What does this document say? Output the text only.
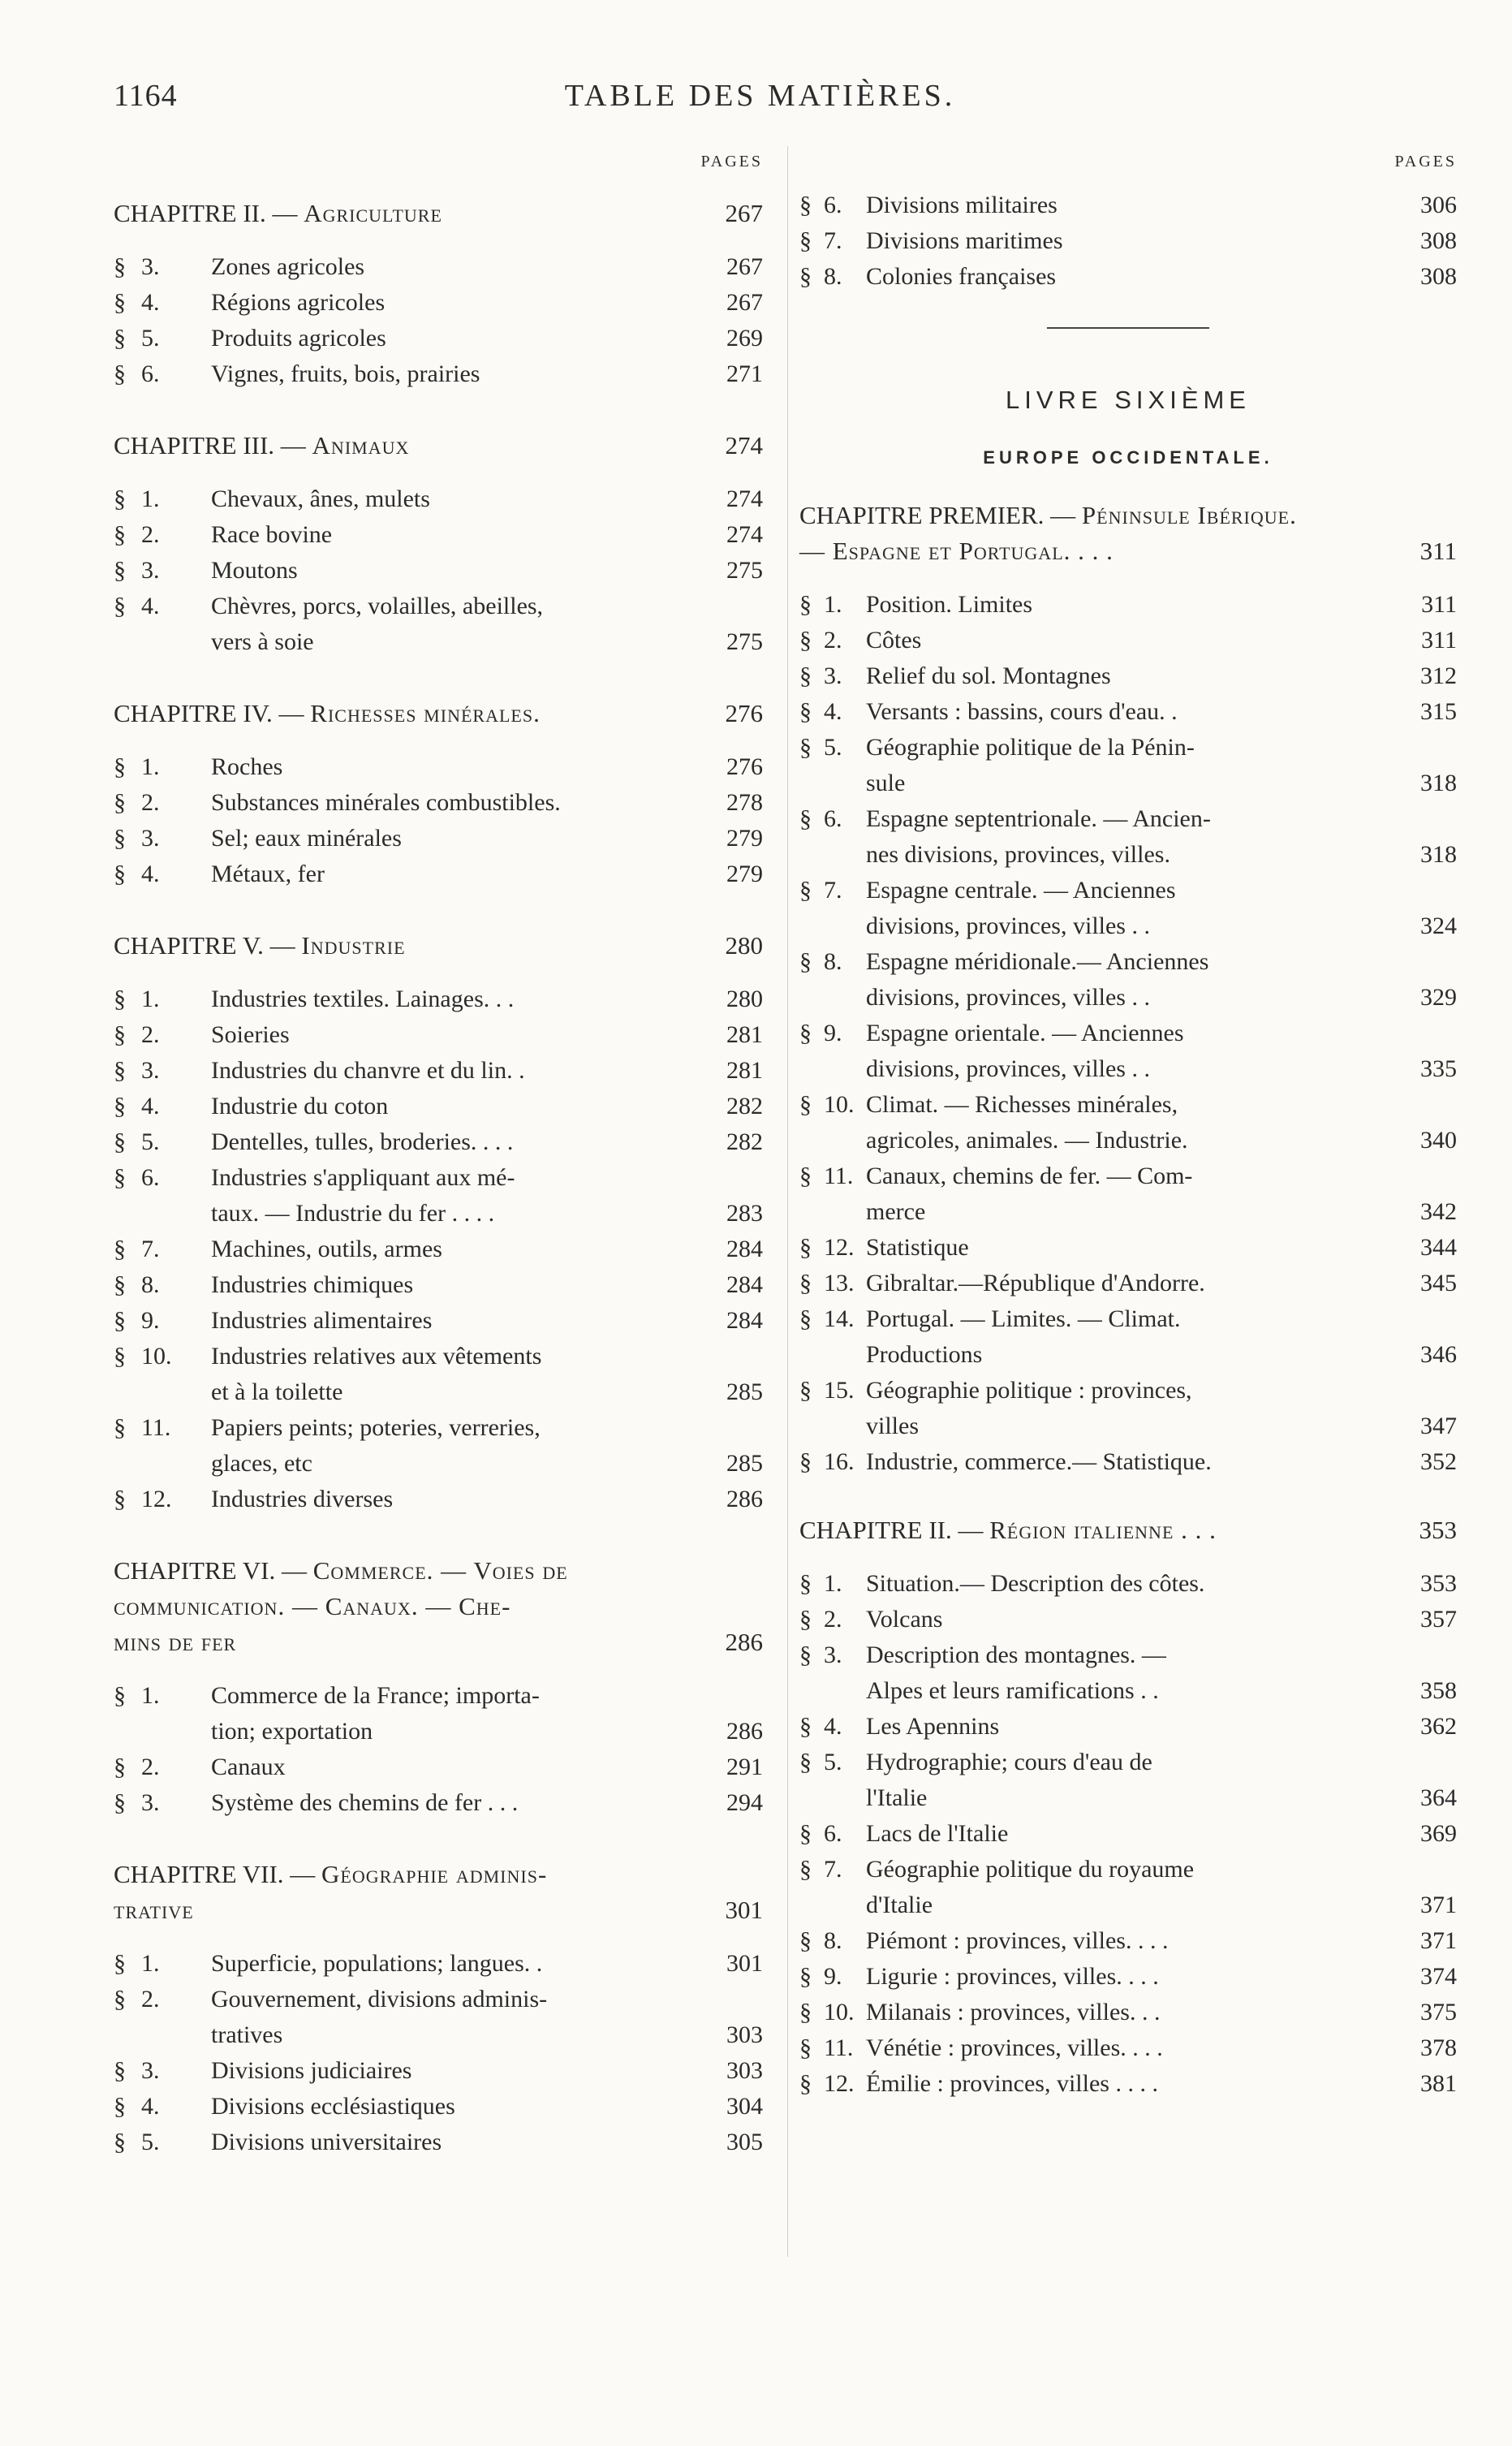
1164	TABLE DES MATIÈRES.
PAGES
CHAPITRE II. — Agriculture	267
§ 3.	Zones agricoles	267
§ 4.	Régions agricoles	267
§ 5.	Produits agricoles	269
§ 6.	Vignes, fruits, bois, prairies	271
CHAPITRE III. — Animaux	274
§ 1.	Chevaux, ânes, mulets	274
§ 2.	Race bovine	274
§ 3.	Moutons	275
§ 4.	Chèvres, porcs, volailles, abeilles,
vers à soie	275
CHAPITRE IV. — Richesses minérales.	276
§ 1.	Roches	276
§ 2.	Substances minérales combustibles.	278
§ 3.	Sel; eaux minérales	279
§ 4.	Métaux, fer	279
CHAPITRE V. — Industrie	280
§ 1.	Industries textiles. Lainages. . .	280
§ 2.	Soieries	281
§ 3.	Industries du chanvre et du lin. .	281
§ 4.	Industrie du coton	282
§ 5.	Dentelles, tulles, broderies. . . .	282
§ 6.	Industries s'appliquant aux mé-
taux. — Industrie du fer . . . .	283
§ 7.	Machines, outils, armes	284
§ 8.	Industries chimiques	284
§ 9.	Industries alimentaires	284
§ 10.	Industries relatives aux vêtements
et à la toilette	285
§ 11.	Papiers peints; poteries, verreries,
glaces, etc	285
§ 12.	Industries diverses	286
CHAPITRE VI. — Commerce. — Voies de
communication. — Canaux. — Che-
mins de fer	286
§ 1.	Commerce de la France; importa-
tion; exportation	286
§ 2.	Canaux	291
§ 3.	Système des chemins de fer . . .	294
CHAPITRE VII. — Géographie adminis-
trative	301
§ 1.	Superficie, populations; langues. .	301
§ 2.	Gouvernement, divisions adminis-
tratives	303
§ 3.	Divisions judiciaires	303
§ 4.	Divisions ecclésiastiques	304
§ 5.	Divisions universitaires	305
PAGES
§ 6. Divisions militaires	306
§ 7. Divisions maritimes	308
§ 8. Colonies françaises	308
LIVRE SIXIÈME
EUROPE OCCIDENTALE.
CHAPITRE PREMIER. — Péninsule Ibérique.
— Espagne et Portugal. . . .	311
§ 1. Position. Limites	311
§ 2. Côtes	311
§ 3. Relief du sol. Montagnes	312
§ 4. Versants : bassins, cours d'eau. .	315
§ 5. Géographie politique de la Pénin-
sule	318
§ 6. Espagne septentrionale. — Ancien-
nes divisions, provinces, villes.	318
§ 7. Espagne centrale. — Anciennes
divisions, provinces, villes . .	324
§ 8. Espagne méridionale.— Anciennes
divisions, provinces, villes . .	329
§ 9. Espagne orientale. — Anciennes
divisions, provinces, villes . .	335
§ 10. Climat. — Richesses minérales,
agricoles, animales. — Industrie.	340
§ 11. Canaux, chemins de fer. — Com-
merce	342
§ 12. Statistique	344
§ 13. Gibraltar.—République d'Andorre.	345
§ 14. Portugal. — Limites. — Climat.
Productions	346
§ 15. Géographie politique : provinces,
villes	347
§ 16. Industrie, commerce.— Statistique.	352
CHAPITRE II. — Région italienne . . .	353
§ 1. Situation.— Description des côtes.	353
§ 2. Volcans	357
§ 3. Description des montagnes. —
Alpes et leurs ramifications . .	358
§ 4. Les Apennins	362
§ 5. Hydrographie; cours d'eau de
l'Italie	364
§ 6. Lacs de l'Italie	369
§ 7. Géographie politique du royaume
d'Italie	371
§ 8. Piémont : provinces, villes. . . .	371
§ 9. Ligurie : provinces, villes. . . .	374
§ 10. Milanais : provinces, villes. . .	375
§ 11. Vénétie : provinces, villes. . . .	378
§ 12. Émilie : provinces, villes . . . .	381
